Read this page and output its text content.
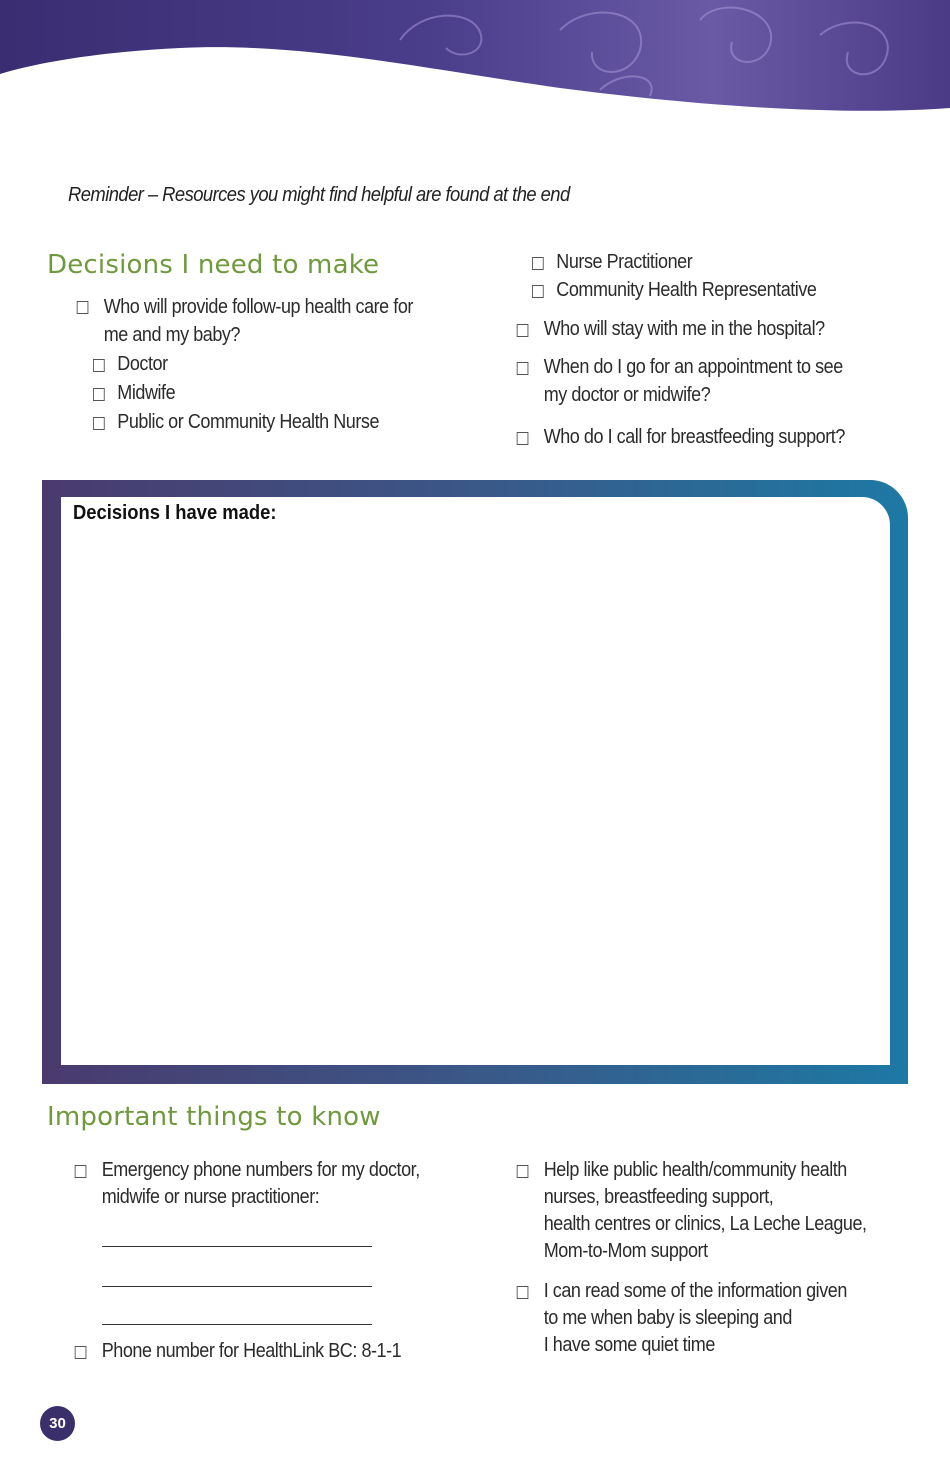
Reminder – Resources you might find helpful are found at the end
Decisions I need to make
Who will provide follow-up health care for
me and my baby?
Doctor
Midwife
Public or Community Health Nurse
Nurse Practitioner
Community Health Representative
Who will stay with me in the hospital?
When do I go for an appointment to see
my doctor or midwife?
Who do I call for breastfeeding support?
Decisions I have made:
Important things to know
Emergency phone numbers for my doctor,
midwife or nurse practitioner:
Phone number for HealthLink BC: 8-1-1
Help like public health/community health
nurses, breastfeeding support,
health centres or clinics, La Leche League,
Mom-to-Mom support
I can read some of the information given
to me when baby is sleeping and
I have some quiet time
30
